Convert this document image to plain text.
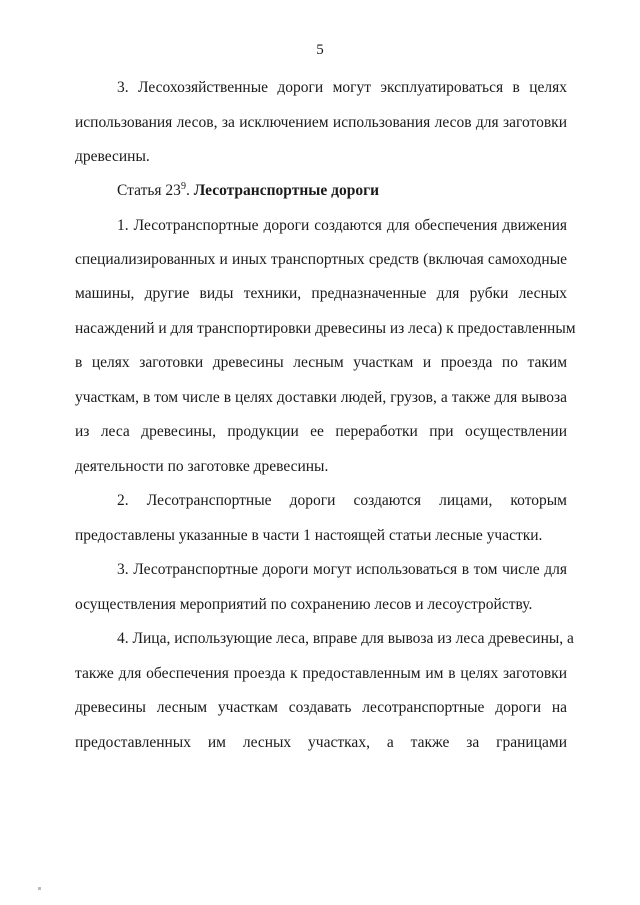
5
3. Лесохозяйственные дороги могут эксплуатироваться в целях
использования лесов, за исключением использования лесов для заготовки
древесины.
Статья $23^9$. Лесотранспортные дороги
1. Лесотранспортные дороги создаются для обеспечения движения
специализированных и иных транспортных средств (включая самоходные
машины, другие виды техники, предназначенные для рубки лесных
насаждений и для транспортировки древесины из леса) к предоставленным
в целях заготовки древесины лесным участкам и проезда по таким
участкам, в том числе в целях доставки людей, грузов, а также для вывоза
из леса древесины, продукции ее переработки при осуществлении
деятельности по заготовке древесины.
2. Лесотранспортные дороги создаются лицами, которым
предоставлены указанные в части 1 настоящей статьи лесные участки.
3. Лесотранспортные дороги могут использоваться в том числе для
осуществления мероприятий по сохранению лесов и лесоустройству.
4. Лица, использующие леса, вправе для вывоза из леса древесины, а
также для обеспечения проезда к предоставленным им в целях заготовки
древесины лесным участкам создавать лесотранспортные дороги на
предоставленных им лесных участках, а также за границами
